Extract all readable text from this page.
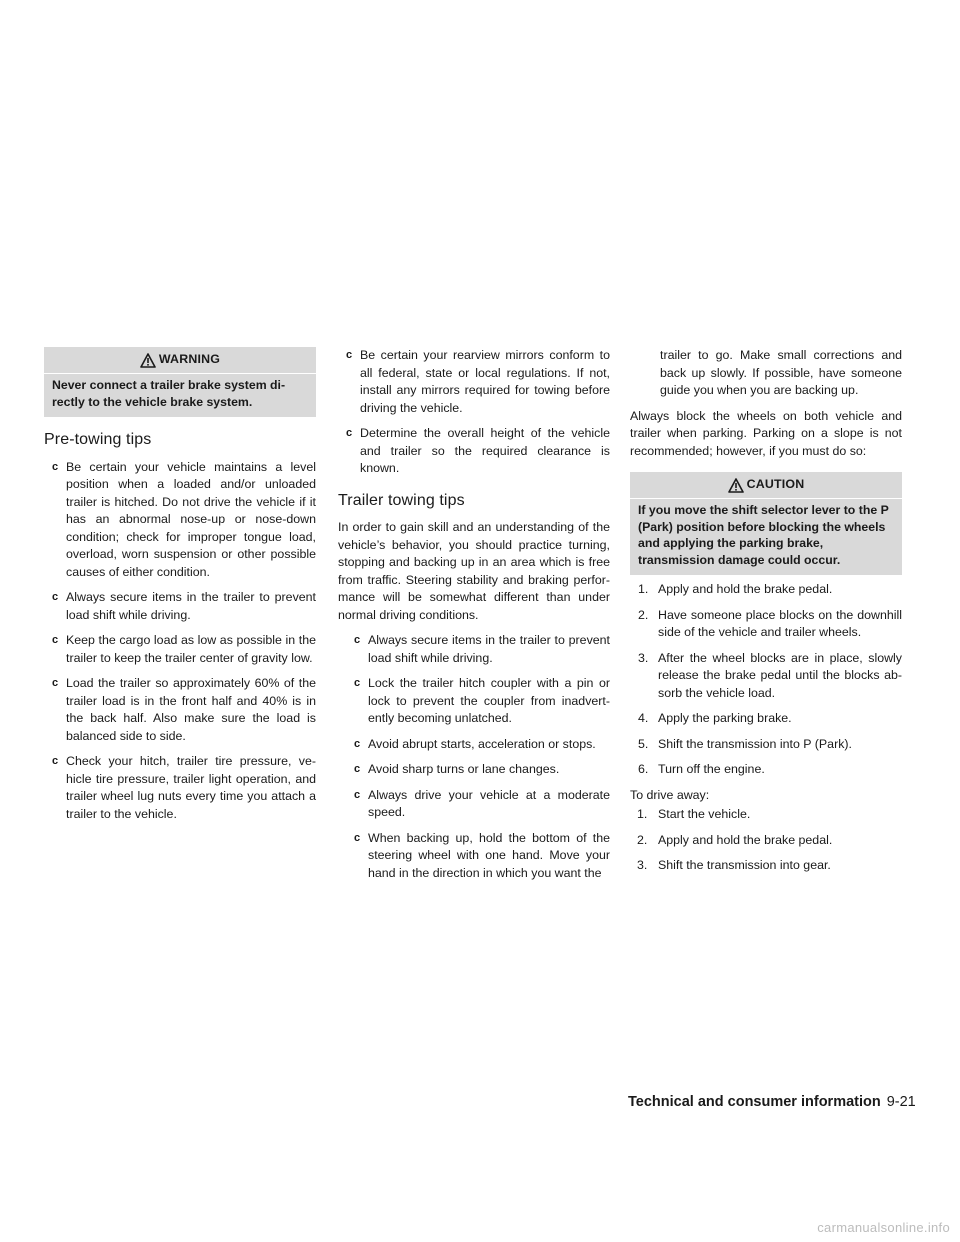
WARNING
Never connect a trailer brake system di-rectly to the vehicle brake system.
Pre-towing tips
c Be certain your vehicle maintains a level position when a loaded and/or unloaded trailer is hitched. Do not drive the vehicle if it has an abnormal nose-up or nose-down condition; check for improper tongue load, overload, worn suspension or other possible causes of either condition.
c Always secure items in the trailer to prevent load shift while driving.
c Keep the cargo load as low as possible in the trailer to keep the trailer center of gravity low.
c Load the trailer so approximately 60% of the trailer load is in the front half and 40% is in the back half. Also make sure the load is balanced side to side.
c Check your hitch, trailer tire pressure, ve-hicle tire pressure, trailer light operation, and trailer wheel lug nuts every time you attach a trailer to the vehicle.
c Be certain your rearview mirrors conform to all federal, state or local regulations. If not, install any mirrors required for towing before driving the vehicle.
c Determine the overall height of the vehicle and trailer so the required clearance is known.
Trailer towing tips

In order to gain skill and an understanding of the vehicle’s behavior, you should practice turning, stopping and backing up in an area which is free from traffic. Steering stability and braking perfor-mance will be somewhat different than under normal driving conditions.

c Always secure items in the trailer to prevent load shift while driving.
c Lock the trailer hitch coupler with a pin or lock to prevent the coupler from inadvert-ently becoming unlatched.
c Avoid abrupt starts, acceleration or stops.
c Avoid sharp turns or lane changes.
c Always drive your vehicle at a moderate speed.
c When backing up, hold the bottom of the steering wheel with one hand. Move your hand in the direction in which you want the
trailer to go. Make small corrections and back up slowly. If possible, have someone guide you when you are backing up.

Always block the wheels on both vehicle and trailer when parking. Parking on a slope is not recommended; however, if you must do so:

CAUTION
If you move the shift selector lever to the P (Park) position before blocking the wheels and applying the parking brake, transmission damage could occur.
1. Apply and hold the brake pedal.
2. Have someone place blocks on the downhill side of the vehicle and trailer wheels.
3. After the wheel blocks are in place, slowly release the brake pedal until the blocks ab-sorb the vehicle load.
4. Apply the parking brake.
5. Shift the transmission into P (Park).
6. Turn off the engine.

To drive away:

1. Start the vehicle.
2. Apply and hold the brake pedal.
3. Shift the transmission into gear.
Technical and consumer information 9-21
carmanualsonline.info
